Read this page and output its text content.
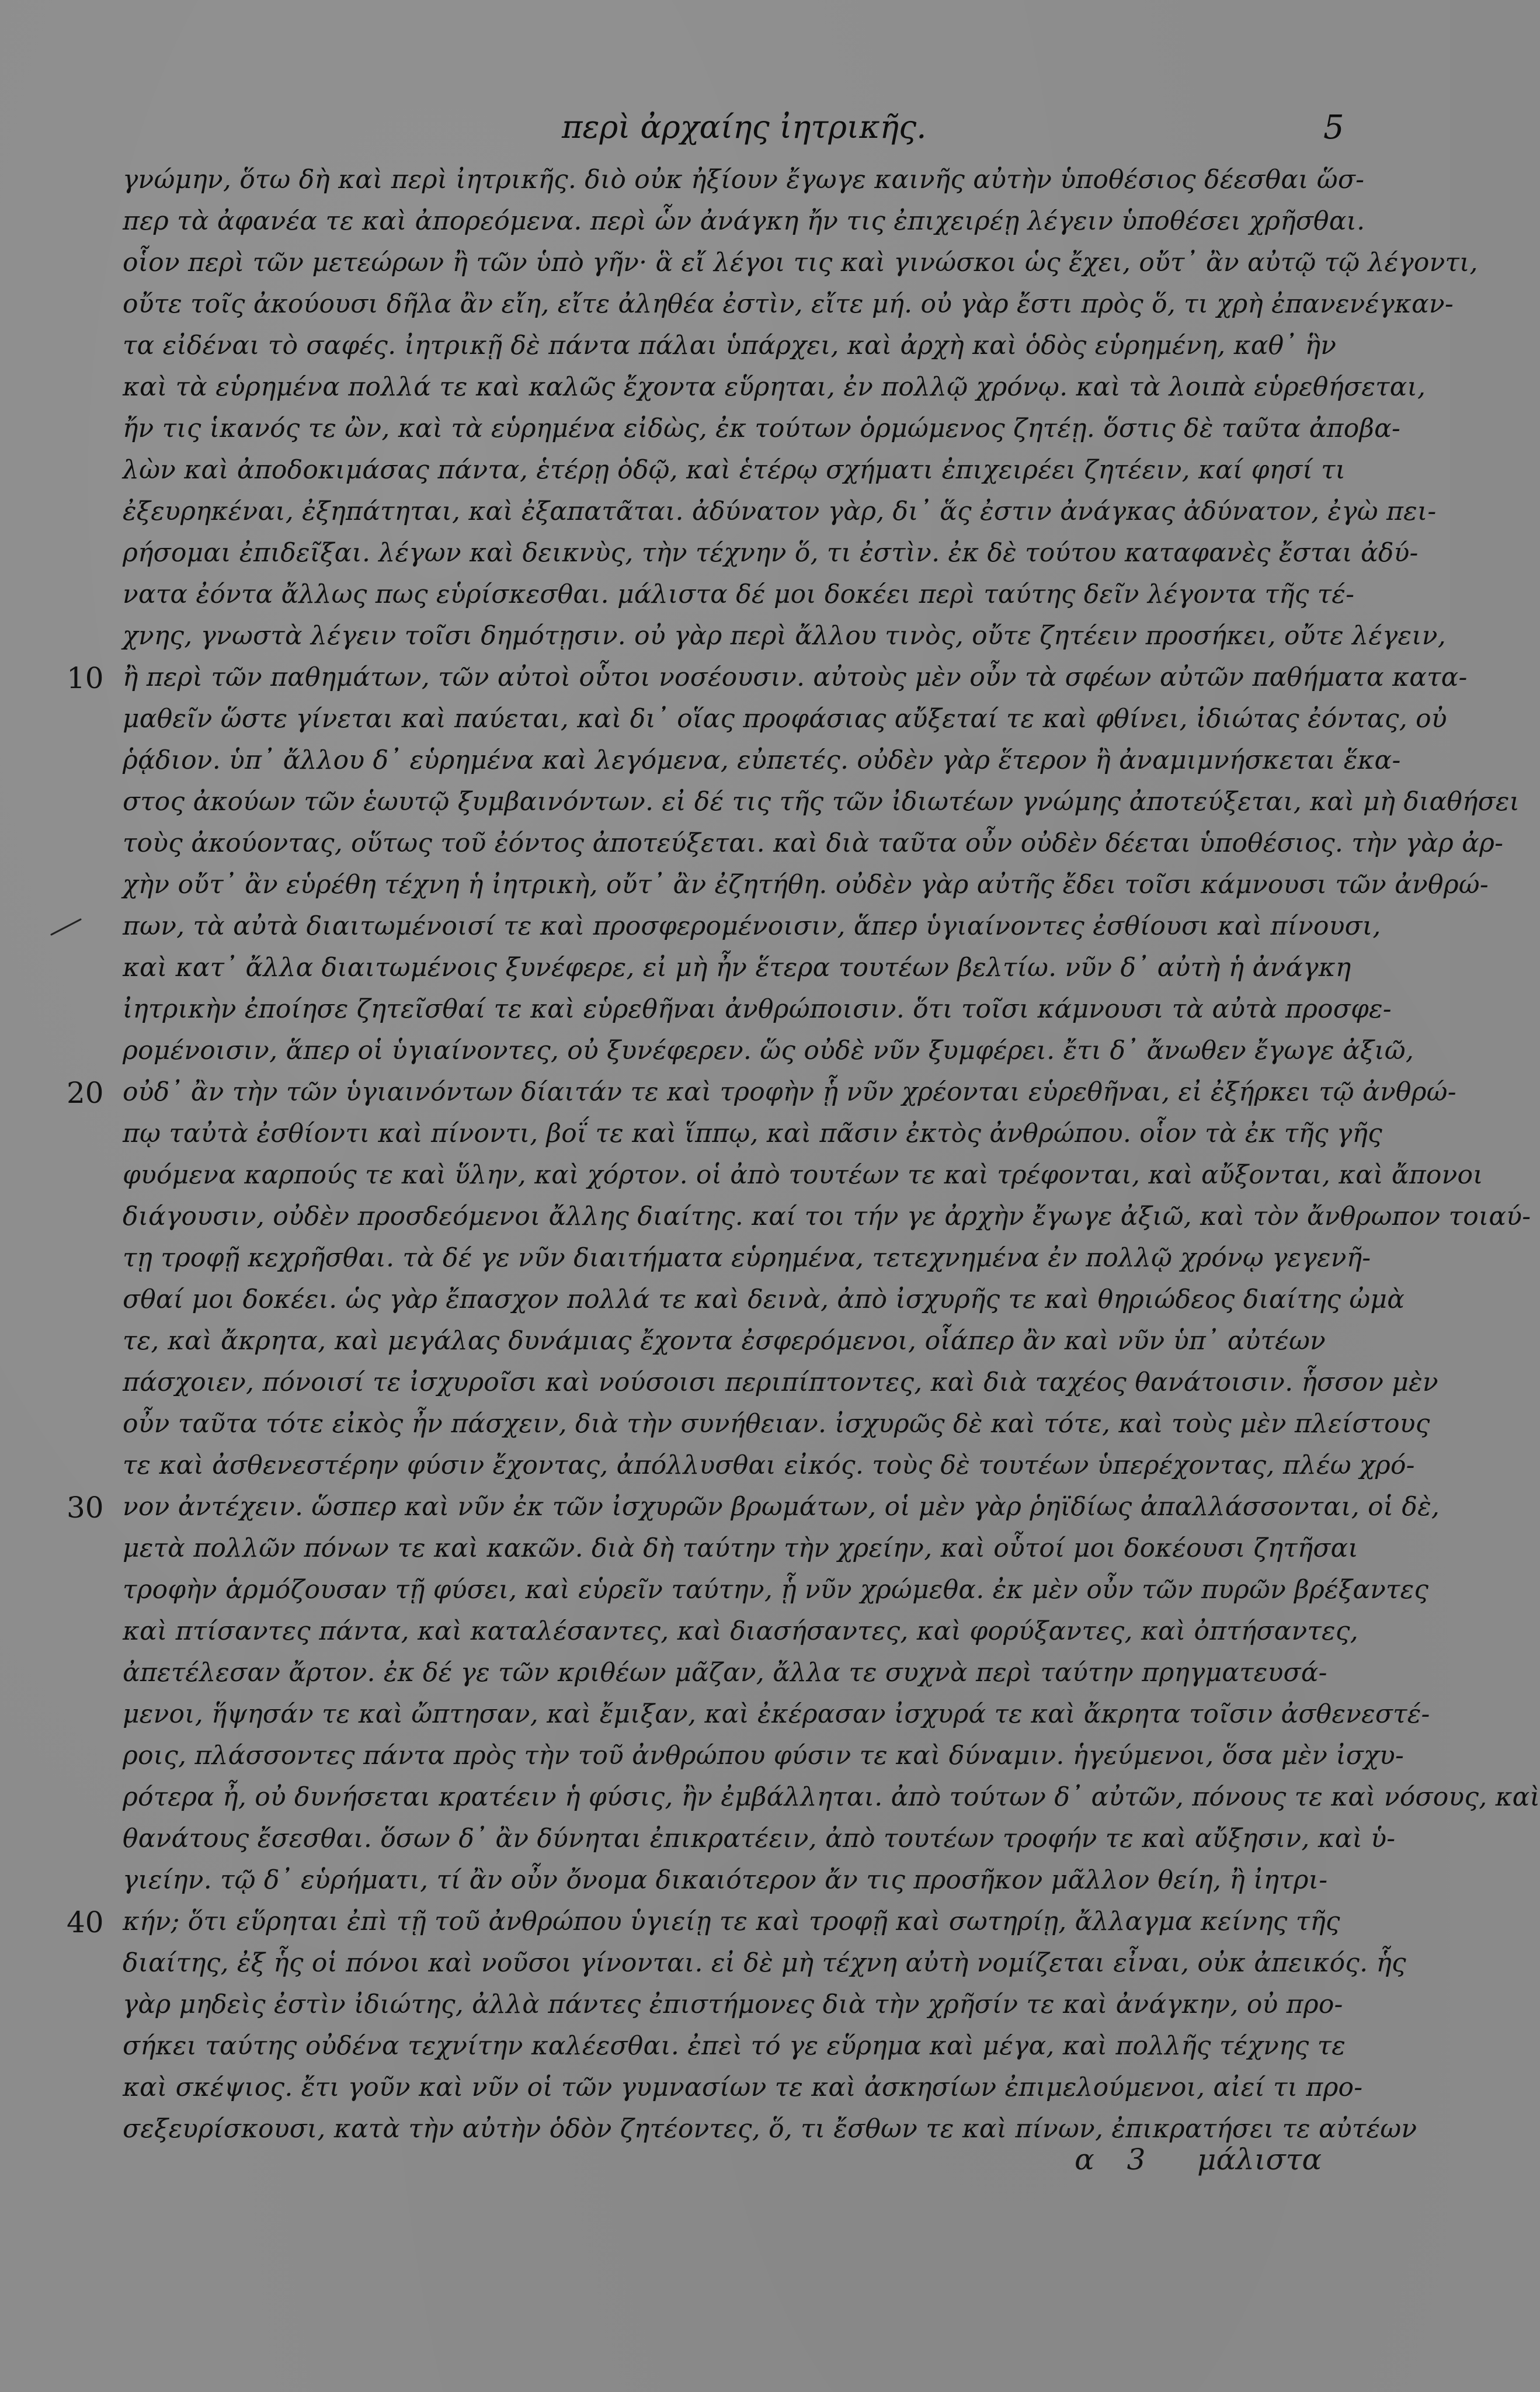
περὶ ἀρχαίης ἰητρικῆς.	5
γνώμην, ὅτω δὴ καὶ περὶ ἰητρικῆς. διὸ οὐκ ἠξίουν ἔγωγε καινῆς αὐτὴν ὑποθέσιος δέεσθαι ὥσ-
περ τὰ ἀφανέα τε καὶ ἀπορεόμενα. περὶ ὧν ἀνάγκη ἤν τις ἐπιχειρέῃ λέγειν ὑποθέσει χρῆσθαι.
οἷον περὶ τῶν μετεώρων ἢ τῶν ὑπὸ γῆν· ἃ εἴ λέγοι τις καὶ γινώσκοι ὡς ἔχει, οὔτ᾽ ἂν αὐτῷ τῷ λέγοντι,
οὔτε τοῖς ἀκούουσι δῆλα ἂν εἴη, εἴτε ἀληθέα ἐστὶν, εἴτε μή. οὐ γὰρ ἔστι πρὸς ὅ, τι χρὴ ἐπανενέγκαν-
τα εἰδέναι τὸ σαφές. ἰητρικῇ δὲ πάντα πάλαι ὑπάρχει, καὶ ἀρχὴ καὶ ὁδὸς εὑρημένη, καθ᾽ ἣν
καὶ τὰ εὑρημένα πολλά τε καὶ καλῶς ἔχοντα εὕρηται, ἐν πολλῷ χρόνῳ. καὶ τὰ λοιπὰ εὑρεθήσεται,
ἤν τις ἱκανός τε ὢν, καὶ τὰ εὑρημένα εἰδὼς, ἐκ τούτων ὁρμώμενος ζητέῃ. ὅστις δὲ ταῦτα ἀποβα-
λὼν καὶ ἀποδοκιμάσας πάντα, ἑτέρῃ ὁδῷ, καὶ ἑτέρῳ σχήματι ἐπιχειρέει ζητέειν, καί φησί τι
ἐξευρηκέναι, ἐξηπάτηται, καὶ ἐξαπατᾶται. ἀδύνατον γὰρ, δι᾽ ἅς ἐστιν ἀνάγκας ἀδύνατον, ἐγὼ πει-
ρήσομαι ἐπιδεῖξαι. λέγων καὶ δεικνὺς, τὴν τέχνην ὅ, τι ἐστὶν. ἐκ δὲ τούτου καταφανὲς ἔσται ἀδύ-
νατα ἐόντα ἄλλως πως εὑρίσκεσθαι. μάλιστα δέ μοι δοκέει περὶ ταύτης δεῖν λέγοντα τῆς τέ-
χνης, γνωστὰ λέγειν τοῖσι δημότῃσιν. οὐ γὰρ περὶ ἄλλου τινὸς, οὔτε ζητέειν προσήκει, οὔτε λέγειν,
ἢ περὶ τῶν παθημάτων, τῶν αὐτοὶ οὗτοι νοσέουσιν. αὐτοὺς μὲν οὖν τὰ σφέων αὐτῶν παθήματα κατα-
μαθεῖν ὥστε γίνεται καὶ παύεται, καὶ δι᾽ οἵας προφάσιας αὔξεταί τε καὶ φθίνει, ἰδιώτας ἐόντας, οὐ
ῥᾴδιον. ὑπ᾽ ἄλλου δ᾽ εὑρημένα καὶ λεγόμενα, εὐπετές. οὐδὲν γὰρ ἕτερον ἢ ἀναμιμνήσκεται ἕκα-
στος ἀκούων τῶν ἑωυτῷ ξυμβαινόντων. εἰ δέ τις τῆς τῶν ἰδιωτέων γνώμης ἀποτεύξεται, καὶ μὴ διαθήσει
τοὺς ἀκούοντας, οὕτως τοῦ ἐόντος ἀποτεύξεται. καὶ διὰ ταῦτα οὖν οὐδὲν δέεται ὑποθέσιος. τὴν γὰρ ἀρ-
χὴν οὔτ᾽ ἂν εὑρέθη τέχνη ἡ ἰητρικὴ, οὔτ᾽ ἂν ἐζητήθη. οὐδὲν γὰρ αὐτῆς ἔδει τοῖσι κάμνουσι τῶν ἀνθρώ-
πων, τὰ αὐτὰ διαιτωμένοισί τε καὶ προσφερομένοισιν, ἅπερ ὑγιαίνοντες ἐσθίουσι καὶ πίνουσι,
καὶ κατ᾽ ἄλλα διαιτωμένοις ξυνέφερε, εἰ μὴ ἦν ἕτερα τουτέων βελτίω. νῦν δ᾽ αὐτὴ ἡ ἀνάγκη
ἰητρικὴν ἐποίησε ζητεῖσθαί τε καὶ εὑρεθῆναι ἀνθρώποισιν. ὅτι τοῖσι κάμνουσι τὰ αὐτὰ προσφε-
ρομένοισιν, ἅπερ οἱ ὑγιαίνοντες, οὐ ξυνέφερεν. ὥς οὐδὲ νῦν ξυμφέρει. ἔτι δ᾽ ἄνωθεν ἔγωγε ἀξιῶ,
οὐδ᾽ ἂν τὴν τῶν ὑγιαινόντων δίαιτάν τε καὶ τροφὴν ᾗ νῦν χρέονται εὑρεθῆναι, εἰ ἐξήρκει τῷ ἀνθρώ-
πῳ ταὐτὰ ἐσθίοντι καὶ πίνοντι, βοΐ τε καὶ ἵππῳ, καὶ πᾶσιν ἐκτὸς ἀνθρώπου. οἷον τὰ ἐκ τῆς γῆς
φυόμενα καρπούς τε καὶ ὕλην, καὶ χόρτον. οἱ ἀπὸ τουτέων τε καὶ τρέφονται, καὶ αὔξονται, καὶ ἄπονοι
διάγουσιν, οὐδὲν προσδεόμενοι ἄλλης διαίτης. καί τοι τήν γε ἀρχὴν ἔγωγε ἀξιῶ, καὶ τὸν ἄνθρωπον τοιαύ-
τῃ τροφῇ κεχρῆσθαι. τὰ δέ γε νῦν διαιτήματα εὑρημένα, τετεχνημένα ἐν πολλῷ χρόνῳ γεγενῆ-
σθαί μοι δοκέει. ὡς γὰρ ἔπασχον πολλά τε καὶ δεινὰ, ἀπὸ ἰσχυρῆς τε καὶ θηριώδεος διαίτης ὠμὰ
τε, καὶ ἄκρητα, καὶ μεγάλας δυνάμιας ἔχοντα ἐσφερόμενοι, οἷάπερ ἂν καὶ νῦν ὑπ᾽ αὐτέων
πάσχοιεν, πόνοισί τε ἰσχυροῖσι καὶ νούσοισι περιπίπτοντες, καὶ διὰ ταχέος θανάτοισιν. ἧσσον μὲν
οὖν ταῦτα τότε εἰκὸς ἦν πάσχειν, διὰ τὴν συνήθειαν. ἰσχυρῶς δὲ καὶ τότε, καὶ τοὺς μὲν πλείστους
τε καὶ ἀσθενεστέρην φύσιν ἔχοντας, ἀπόλλυσθαι εἰκός. τοὺς δὲ τουτέων ὑπερέχοντας, πλέω χρό-
νον ἀντέχειν. ὥσπερ καὶ νῦν ἐκ τῶν ἰσχυρῶν βρωμάτων, οἱ μὲν γὰρ ῥηϊδίως ἀπαλλάσσονται, οἱ δὲ,
μετὰ πολλῶν πόνων τε καὶ κακῶν. διὰ δὴ ταύτην τὴν χρείην, καὶ οὗτοί μοι δοκέουσι ζητῆσαι
τροφὴν ἁρμόζουσαν τῇ φύσει, καὶ εὑρεῖν ταύτην, ᾗ νῦν χρώμεθα. ἐκ μὲν οὖν τῶν πυρῶν βρέξαντες
καὶ πτίσαντες πάντα, καὶ καταλέσαντες, καὶ διασήσαντες, καὶ φορύξαντες, καὶ ὀπτήσαντες,
ἀπετέλεσαν ἄρτον. ἐκ δέ γε τῶν κριθέων μᾶζαν, ἄλλα τε συχνὰ περὶ ταύτην πρηγματευσά-
μενοι, ἥψησάν τε καὶ ὤπτησαν, καὶ ἔμιξαν, καὶ ἐκέρασαν ἰσχυρά τε καὶ ἄκρητα τοῖσιν ἀσθενεστέ-
ροις, πλάσσοντες πάντα πρὸς τὴν τοῦ ἀνθρώπου φύσιν τε καὶ δύναμιν. ἡγεύμενοι, ὅσα μὲν ἰσχυ-
ρότερα ἦ, οὐ δυνήσεται κρατέειν ἡ φύσις, ἢν ἐμβάλληται. ἀπὸ τούτων δ᾽ αὐτῶν, πόνους τε καὶ νόσους, καὶ
θανάτους ἔσεσθαι. ὅσων δ᾽ ἂν δύνηται ἐπικρατέειν, ἀπὸ τουτέων τροφήν τε καὶ αὔξησιν, καὶ ὑ-
γιείην. τῷ δ᾽ εὑρήματι, τί ἂν οὖν ὄνομα δικαιότερον ἄν τις προσῆκον μᾶλλον θείη, ἢ ἰητρι-
κήν; ὅτι εὕρηται ἐπὶ τῇ τοῦ ἀνθρώπου ὑγιείῃ τε καὶ τροφῇ καὶ σωτηρίῃ, ἄλλαγμα κείνης τῆς
διαίτης, ἐξ ἧς οἱ πόνοι καὶ νοῦσοι γίνονται. εἰ δὲ μὴ τέχνη αὐτὴ νομίζεται εἶναι, οὐκ ἀπεικός. ἧς
γὰρ μηδεὶς ἐστὶν ἰδιώτης, ἀλλὰ πάντες ἐπιστήμονες διὰ τὴν χρῆσίν τε καὶ ἀνάγκην, οὐ προ-
σήκει ταύτης οὐδένα τεχνίτην καλέεσθαι. ἐπεὶ τό γε εὕρημα καὶ μέγα, καὶ πολλῆς τέχνης τε
καὶ σκέψιος. ἔτι γοῦν καὶ νῦν οἱ τῶν γυμνασίων τε καὶ ἀσκησίων ἐπιμελούμενοι, αἰεί τι προ-
σεξευρίσκουσι, κατὰ τὴν αὐτὴν ὁδὸν ζητέοντες, ὅ, τι ἔσθων τε καὶ πίνων, ἐπικρατήσει τε αὐτέων
10
20
30
40
α 3 μάλιστα
